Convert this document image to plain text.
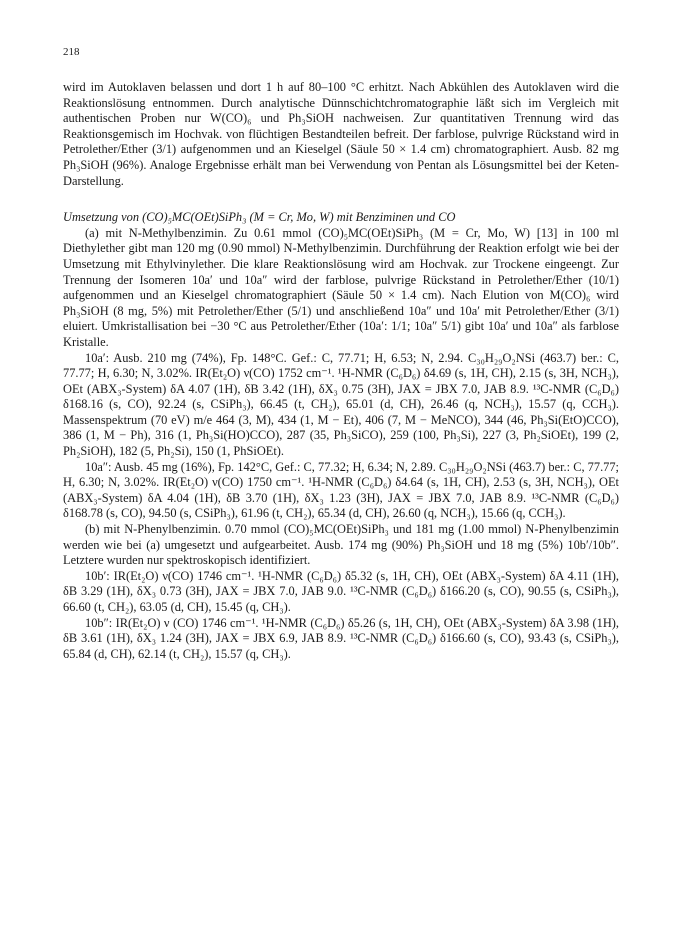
218

wird im Autoklaven belassen und dort 1 h auf 80–100 °C erhitzt. Nach Abkühlen des Autoklaven wird die Reaktionslösung entnommen. Durch analytische Dünnschichtchromatographie läßt sich im Vergleich mit authentischen Proben nur W(CO)₆ und Ph₃SiOH nachweisen. Zur quantitativen Trennung wird das Reaktionsgemisch im Hochvak. von flüchtigen Bestandteilen befreit. Der farblose, pulvrige Rückstand wird in Petrolether/Ether (3/1) aufgenommen und an Kieselgel (Säule 50 × 1.4 cm) chromatographiert. Ausb. 82 mg Ph₃SiOH (96%). Analoge Ergebnisse erhält man bei Verwendung von Pentan als Lösungsmittel bei der Keten-Darstellung.

Umsetzung von (CO)₅MC(OEt)SiPh₃ (M = Cr, Mo, W) mit Benziminen und CO

(a) mit N-Methylbenzimin. Zu 0.61 mmol (CO)₅MC(OEt)SiPh₃ (M = Cr, Mo, W) [13] in 100 ml Diethylether gibt man 120 mg (0.90 mmol) N-Methylbenzimin. Durchführung der Reaktion erfolgt wie bei der Umsetzung mit Ethylvinylether. Die klare Reaktionslösung wird am Hochvak. zur Trockene eingeengt. Zur Trennung der Isomeren 10a′ und 10a″ wird der farblose, pulvrige Rückstand in Petrolether/Ether (10/1) aufgenommen und an Kieselgel chromatographiert (Säule 50 × 1.4 cm). Nach Elution von M(CO)₆ wird Ph₃SiOH (8 mg, 5%) mit Petrolether/Ether (5/1) und anschließend 10a″ und 10a′ mit Petrolether/Ether (3/1) eluiert. Umkristallisation bei −30 °C aus Petrolether/Ether (10a′: 1/1; 10a″ 5/1) gibt 10a′ und 10a″ als farblose Kristalle.

10a′: Ausb. 210 mg (74%), Fp. 148°C. Gef.: C, 77.71; H, 6.53; N, 2.94. C₃₀H₂₉O₂NSi (463.7) ber.: C, 77.77; H, 6.30; N, 3.02%. IR(Et₂O) ν(CO) 1752 cm⁻¹. ¹H-NMR (C₆D₆) δ4.69 (s, 1H, CH), 2.15 (s, 3H, NCH₃), OEt (ABX₃-System) δA 4.07 (1H), δB 3.42 (1H), δX₃ 0.75 (3H), JAX = JBX 7.0, JAB 8.9. ¹³C-NMR (C₆D₆) δ168.16 (s, CO), 92.24 (s, CSiPh₃), 66.45 (t, CH₂), 65.01 (d, CH), 26.46 (q, NCH₃), 15.57 (q, CCH₃). Massenspektrum (70 eV) m/e 464 (3, M), 434 (1, M − Et), 406 (7, M − MeNCO), 344 (46, Ph₃Si(EtO)CCO), 386 (1, M − Ph), 316 (1, Ph₃Si(HO)CCO), 287 (35, Ph₃SiCO), 259 (100, Ph₃Si), 227 (3, Ph₂SiOEt), 199 (2, Ph₂SiOH), 182 (5, Ph₂Si), 150 (1, PhSiOEt).

10a″: Ausb. 45 mg (16%), Fp. 142°C, Gef.: C, 77.32; H, 6.34; N, 2.89. C₃₀H₂₉O₂NSi (463.7) ber.: C, 77.77; H, 6.30; N, 3.02%. IR(Et₂O) ν(CO) 1750 cm⁻¹. ¹H-NMR (C₆D₆) δ4.64 (s, 1H, CH), 2.53 (s, 3H, NCH₃), OEt (ABX₃-System) δA 4.04 (1H), δB 3.70 (1H), δX₃ 1.23 (3H), JAX = JBX 7.0, JAB 8.9. ¹³C-NMR (C₆D₆) δ168.78 (s, CO), 94.50 (s, CSiPh₃), 61.96 (t, CH₂), 65.34 (d, CH), 26.60 (q, NCH₃), 15.66 (q, CCH₃).

(b) mit N-Phenylbenzimin. 0.70 mmol (CO)₅MC(OEt)SiPh₃ und 181 mg (1.00 mmol) N-Phenylbenzimin werden wie bei (a) umgesetzt und aufgearbeitet. Ausb. 174 mg (90%) Ph₃SiOH und 18 mg (5%) 10b′/10b″. Letztere wurden nur spektroskopisch identifiziert.

10b′: IR(Et₂O) ν(CO) 1746 cm⁻¹. ¹H-NMR (C₆D₆) δ5.32 (s, 1H, CH), OEt (ABX₃-System) δA 4.11 (1H), δB 3.29 (1H), δX₃ 0.73 (3H), JAX = JBX 7.0, JAB 9.0. ¹³C-NMR (C₆D₆) δ166.20 (s, CO), 90.55 (s, CSiPh₃), 66.60 (t, CH₂), 63.05 (d, CH), 15.45 (q, CH₃).

10b″: IR(Et₂O) ν (CO) 1746 cm⁻¹. ¹H-NMR (C₆D₆) δ5.26 (s, 1H, CH), OEt (ABX₃-System) δA 3.98 (1H), δB 3.61 (1H), δX₃ 1.24 (3H), JAX = JBX 6.9, JAB 8.9. ¹³C-NMR (C₆D₆) δ166.60 (s, CO), 93.43 (s, CSiPh₃), 65.84 (d, CH), 62.14 (t, CH₂), 15.57 (q, CH₃).
